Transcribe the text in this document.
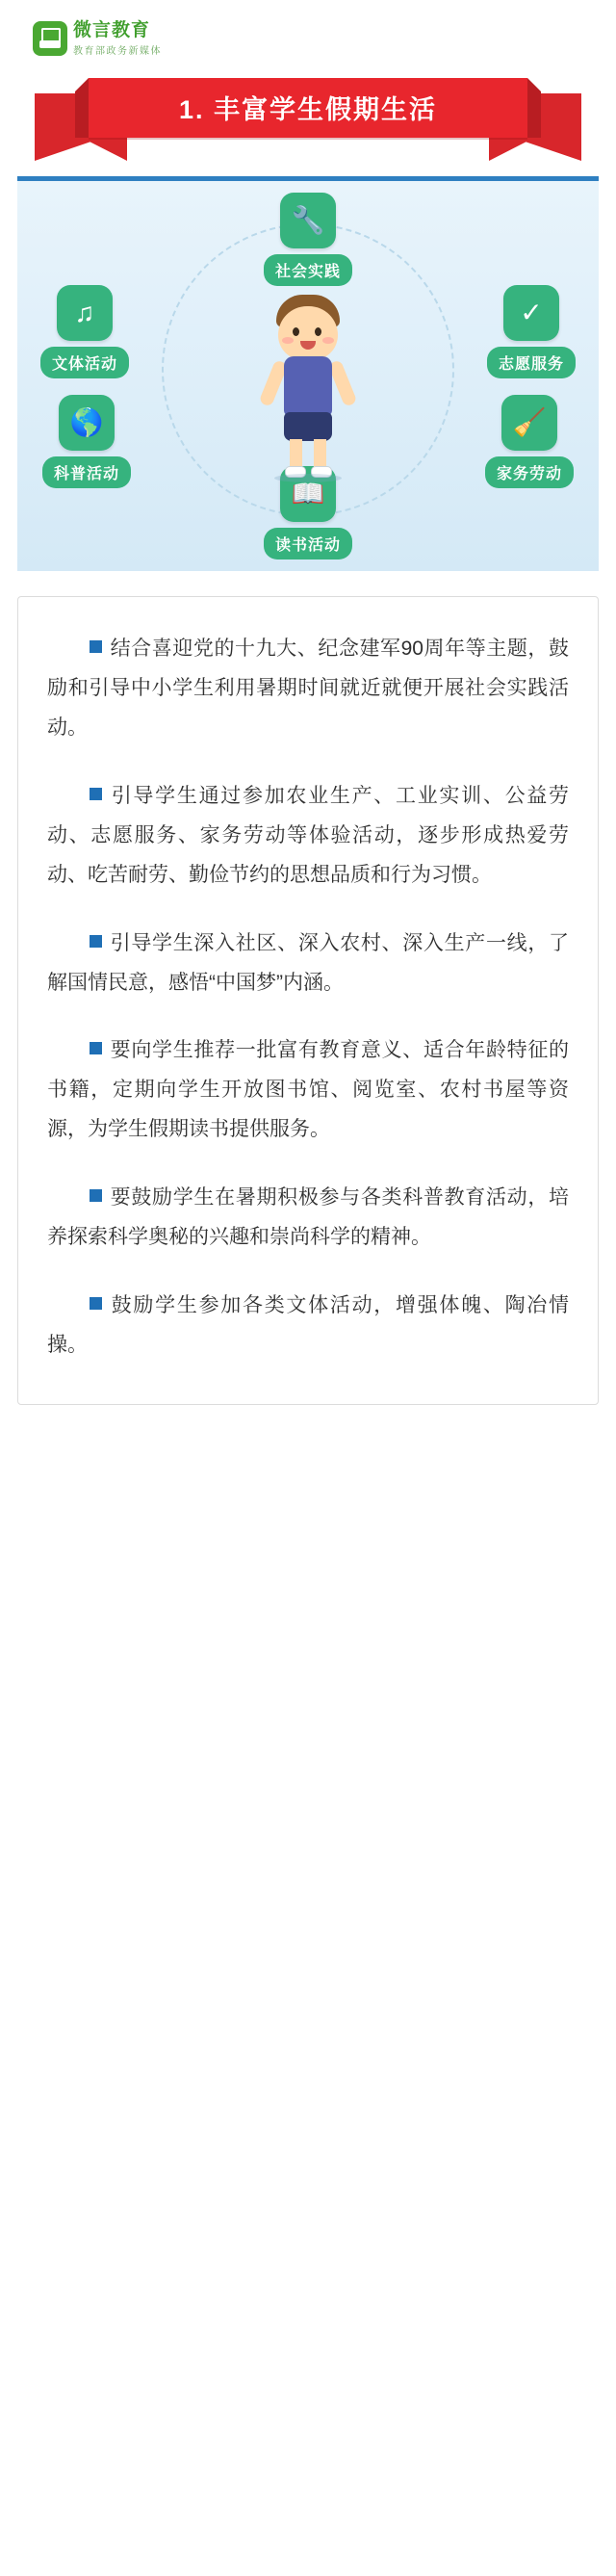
微言教育
教育部政务新媒体
1. 丰富学生假期生活
🔧
社会实践
✓
志愿服务
🧹
家务劳动
📖
读书活动
🌎
科普活动
♫
文体活动

结合喜迎党的十九大、纪念建军90周年等主题，鼓励和引导中小学生利用暑期时间就近就便开展社会实践活动。

引导学生通过参加农业生产、工业实训、公益劳动、志愿服务、家务劳动等体验活动，逐步形成热爱劳动、吃苦耐劳、勤俭节约的思想品质和行为习惯。

引导学生深入社区、深入农村、深入生产一线，了解国情民意，感悟“中国梦”内涵。

要向学生推荐一批富有教育意义、适合年龄特征的书籍，定期向学生开放图书馆、阅览室、农村书屋等资源，为学生假期读书提供服务。

要鼓励学生在暑期积极参与各类科普教育活动，培养探索科学奥秘的兴趣和崇尚科学的精神。

鼓励学生参加各类文体活动，增强体魄、陶冶情操。
